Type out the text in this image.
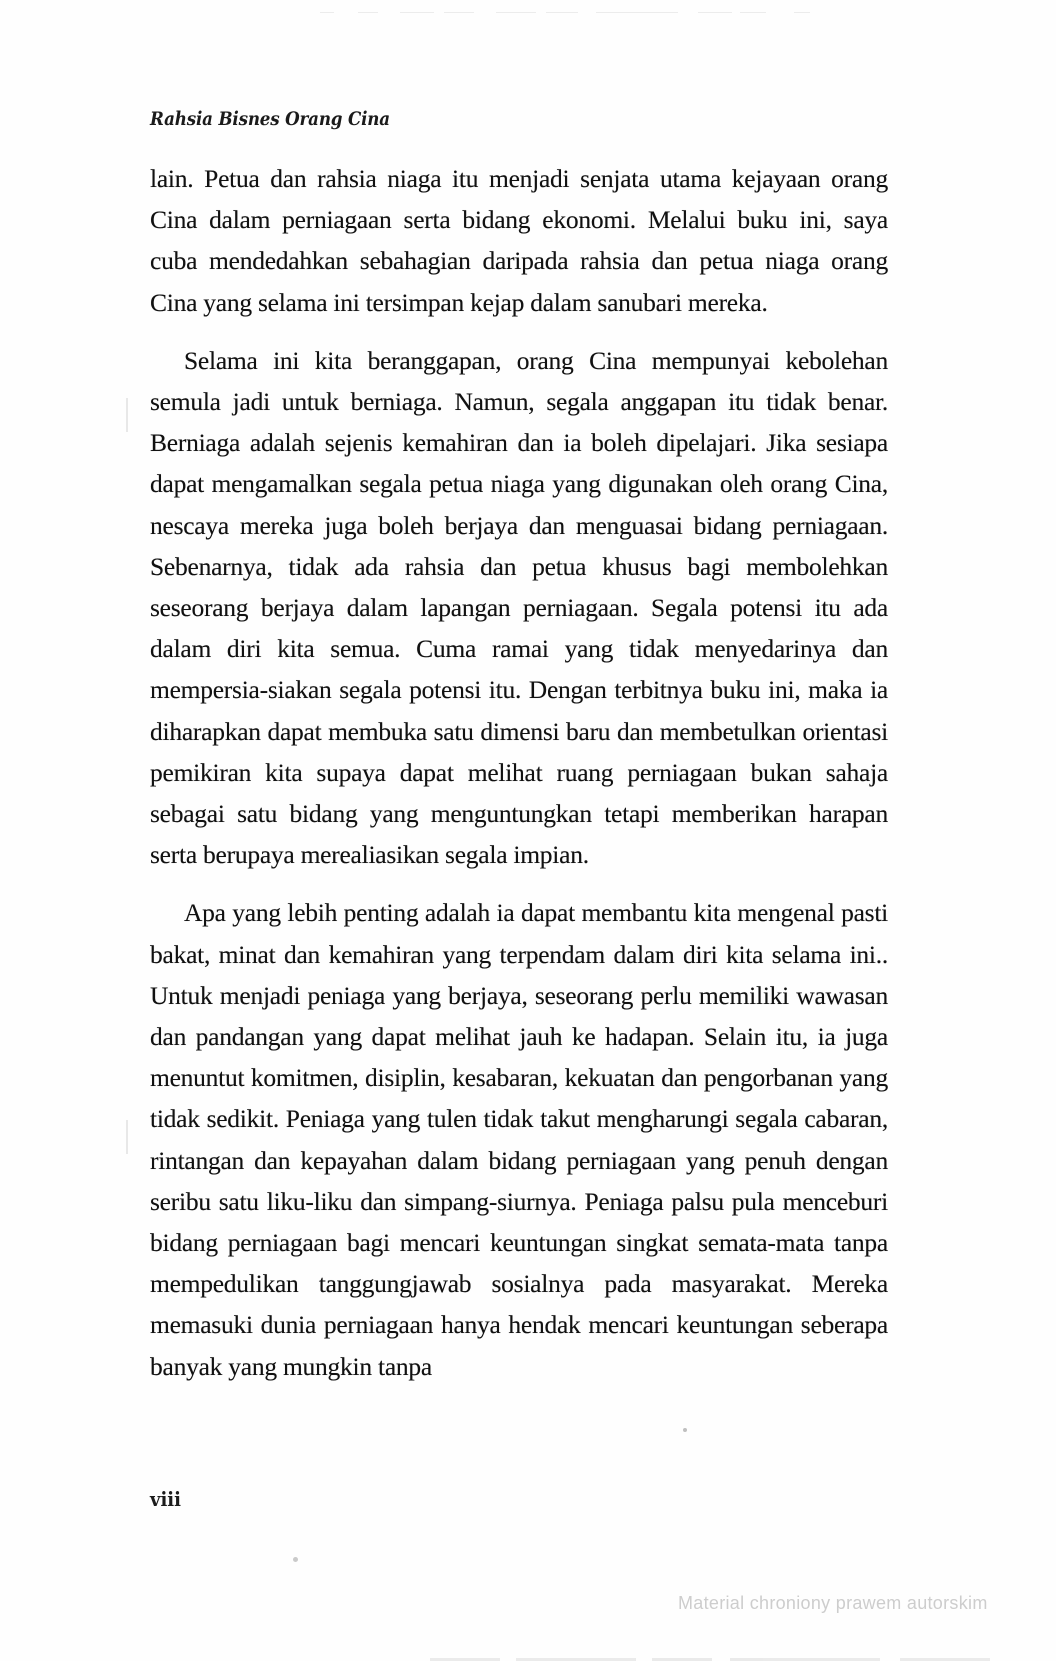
Rahsia Bisnes Orang Cina

lain. Petua dan rahsia niaga itu menjadi senjata utama kejayaan orang Cina dalam perniagaan serta bidang ekonomi. Melalui buku ini, saya cuba mendedahkan sebahagian daripada rahsia dan petua niaga orang Cina yang selama ini tersimpan kejap dalam sanubari mereka.

Selama ini kita beranggapan, orang Cina mempunyai kebolehan semula jadi untuk berniaga. Namun, segala anggapan itu tidak benar. Berniaga adalah sejenis kemahiran dan ia boleh dipelajari. Jika sesiapa dapat mengamalkan segala petua niaga yang digunakan oleh orang Cina, nescaya mereka juga boleh berjaya dan menguasai bidang perniagaan. Sebenarnya, tidak ada rahsia dan petua khusus bagi membolehkan seseorang berjaya dalam lapangan perniagaan. Segala potensi itu ada dalam diri kita semua. Cuma ramai yang tidak menyedarinya dan mempersia-siakan segala potensi itu. Dengan terbitnya buku ini, maka ia diharapkan dapat membuka satu dimensi baru dan membetulkan orientasi pemikiran kita supaya dapat melihat ruang perniagaan bukan sahaja sebagai satu bidang yang menguntungkan tetapi memberikan harapan serta berupaya merealiasikan segala impian.

Apa yang lebih penting adalah ia dapat membantu kita mengenal pasti bakat, minat dan kemahiran yang terpendam dalam diri kita selama ini.. Untuk menjadi peniaga yang berjaya, seseorang perlu memiliki wawasan dan pandangan yang dapat melihat jauh ke hadapan. Selain itu, ia juga menuntut komitmen, disiplin, kesabaran, kekuatan dan pengorbanan yang tidak sedikit. Peniaga yang tulen tidak takut mengharungi segala cabaran, rintangan dan kepayahan dalam bidang perniagaan yang penuh dengan seribu satu liku-liku dan simpang-siurnya. Peniaga palsu pula menceburi bidang perniagaan bagi mencari keuntungan singkat semata-mata tanpa mempedulikan tanggungjawab sosialnya pada masyarakat. Mereka memasuki dunia perniagaan hanya hendak mencari keuntungan seberapa banyak yang mungkin tanpa

viii
Material chroniony prawem autorskim
